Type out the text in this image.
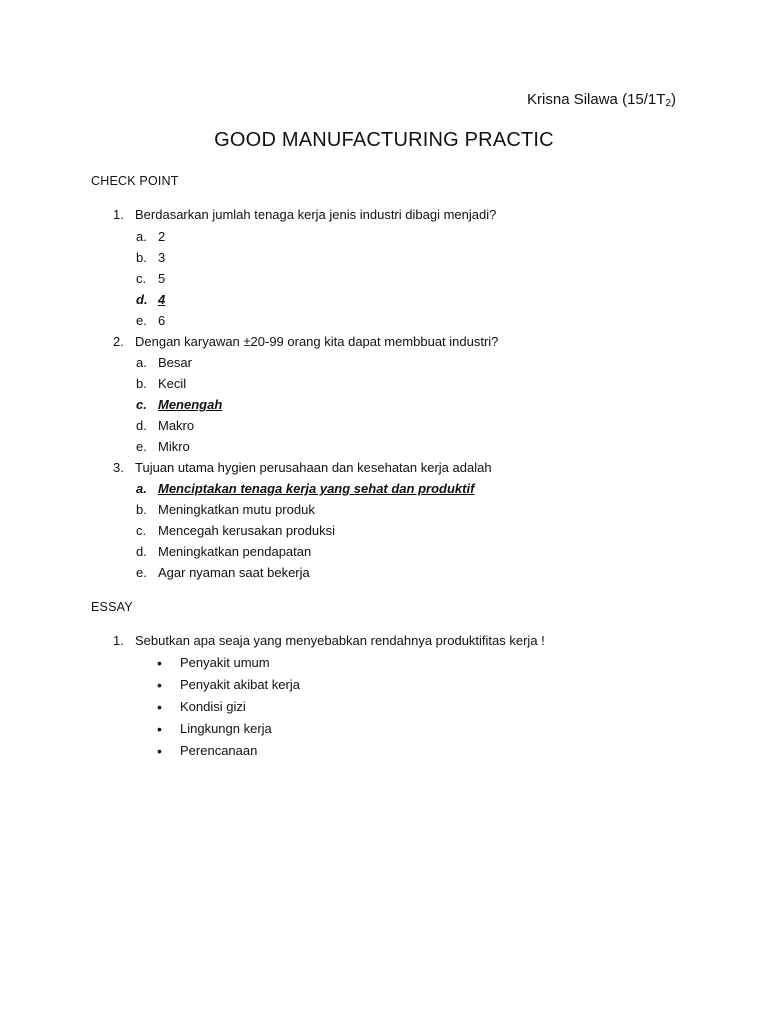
Krisna Silawa $(15/1T_2)$
GOOD MANUFACTURING PRACTIC
CHECK POINT
1. Berdasarkan jumlah tenaga kerja jenis industri dibagi menjadi?
a. 2
b. 3
c. 5
d. 4
e. 6
2. Dengan karyawan ±20-99 orang kita dapat membbuat industri?
a. Besar
b. Kecil
c. Menengah
d. Makro
e. Mikro
3. Tujuan utama hygien perusahaan dan kesehatan kerja adalah
a. Menciptakan tenaga kerja yang sehat dan produktif
b. Meningkatkan mutu produk
c. Mencegah kerusakan produksi
d. Meningkatkan pendapatan
e. Agar nyaman saat bekerja
ESSAY
1. Sebutkan apa seaja yang menyebabkan rendahnya produktifitas kerja !
• Penyakit umum
• Penyakit akibat kerja
• Kondisi gizi
• Lingkungn kerja
• Perencanaan
